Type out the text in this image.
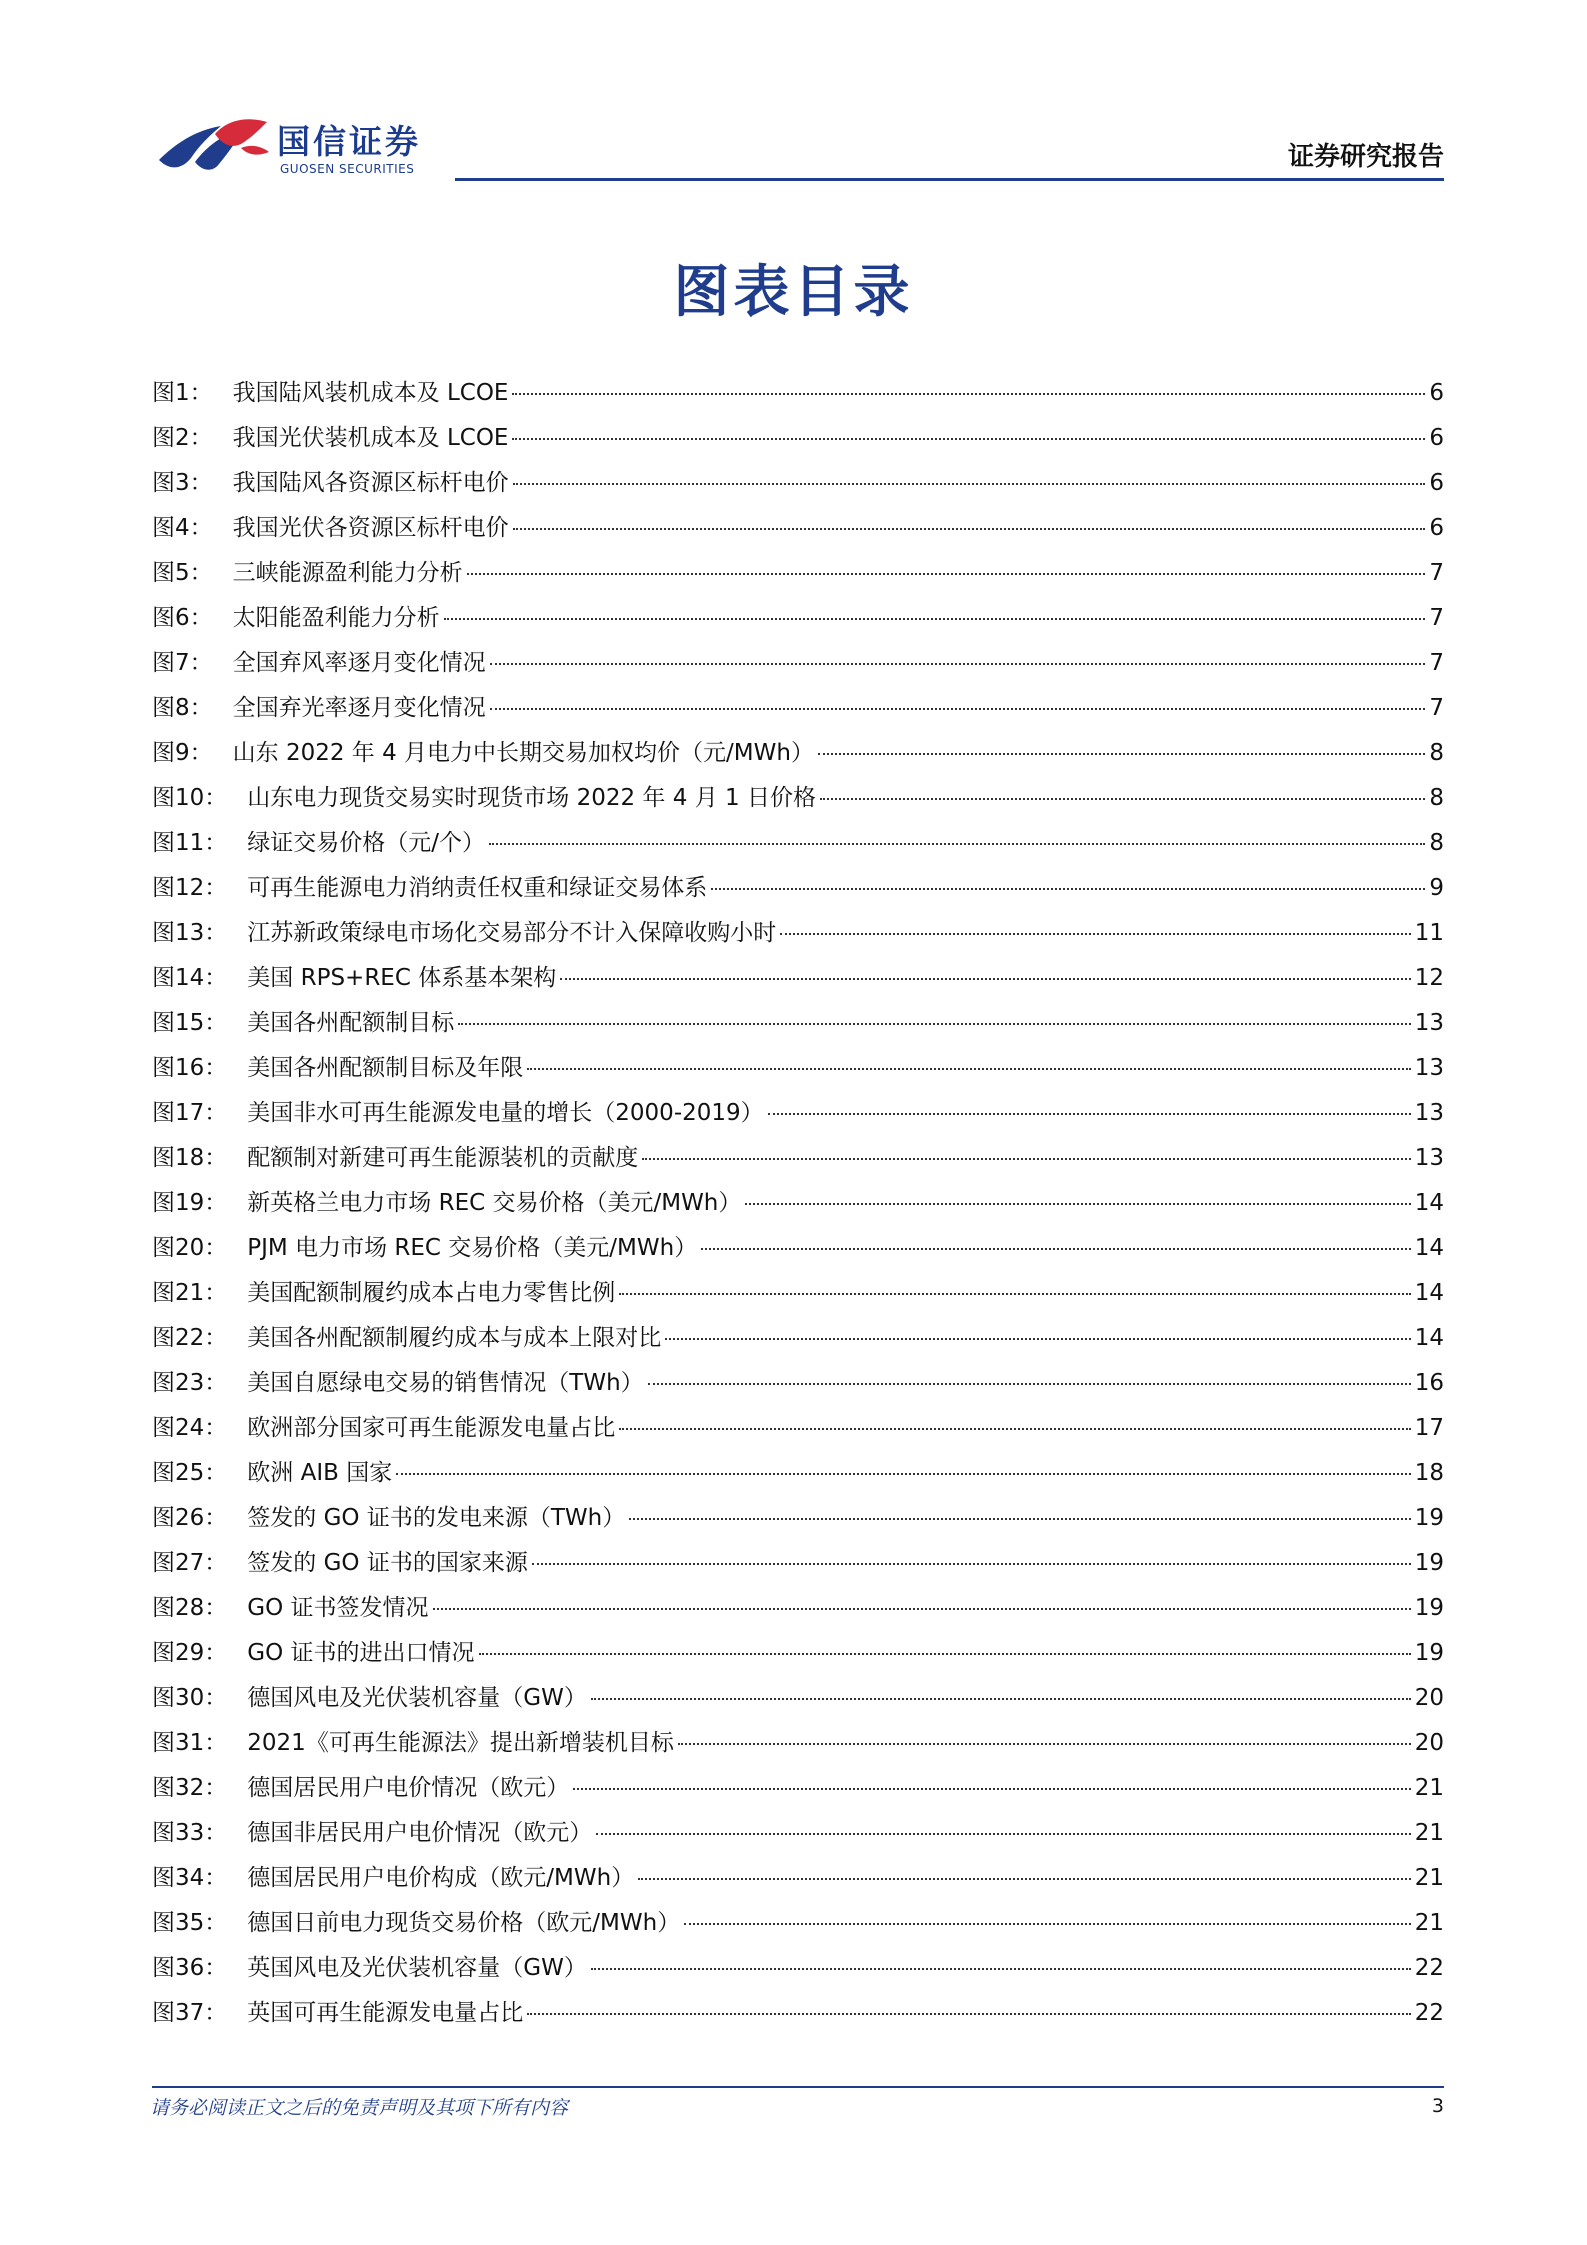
国信证券
GUOSEN SECURITIES	证券研究报告
图表目录
图1： 我国陆风装机成本及 LCOE	6
图2： 我国光伏装机成本及 LCOE	6
图3： 我国陆风各资源区标杆电价	6
图4： 我国光伏各资源区标杆电价	6
图5： 三峡能源盈利能力分析	7
图6： 太阳能盈利能力分析	7
图7： 全国弃风率逐月变化情况	7
图8： 全国弃光率逐月变化情况	7
图9： 山东 2022 年 4 月电力中长期交易加权均价（元/MWh）	8
图10： 山东电力现货交易实时现货市场 2022 年 4 月 1 日价格	8
图11： 绿证交易价格（元/个）	8
图12： 可再生能源电力消纳责任权重和绿证交易体系	9
图13： 江苏新政策绿电市场化交易部分不计入保障收购小时	11
图14： 美国 RPS+REC 体系基本架构	12
图15： 美国各州配额制目标	13
图16： 美国各州配额制目标及年限	13
图17： 美国非水可再生能源发电量的增长（2000-2019）	13
图18： 配额制对新建可再生能源装机的贡献度	13
图19： 新英格兰电力市场 REC 交易价格（美元/MWh）	14
图20： PJM 电力市场 REC 交易价格（美元/MWh）	14
图21： 美国配额制履约成本占电力零售比例	14
图22： 美国各州配额制履约成本与成本上限对比	14
图23： 美国自愿绿电交易的销售情况（TWh）	16
图24： 欧洲部分国家可再生能源发电量占比	17
图25： 欧洲 AIB 国家	18
图26： 签发的 GO 证书的发电来源（TWh）	19
图27： 签发的 GO 证书的国家来源	19
图28： GO 证书签发情况	19
图29： GO 证书的进出口情况	19
图30： 德国风电及光伏装机容量（GW）	20
图31： 2021《可再生能源法》提出新增装机目标	20
图32： 德国居民用户电价情况（欧元）	21
图33： 德国非居民用户电价情况（欧元）	21
图34： 德国居民用户电价构成（欧元/MWh）	21
图35： 德国日前电力现货交易价格（欧元/MWh）	21
图36： 英国风电及光伏装机容量（GW）	22
图37： 英国可再生能源发电量占比	22
请务必阅读正文之后的免责声明及其项下所有内容	3
